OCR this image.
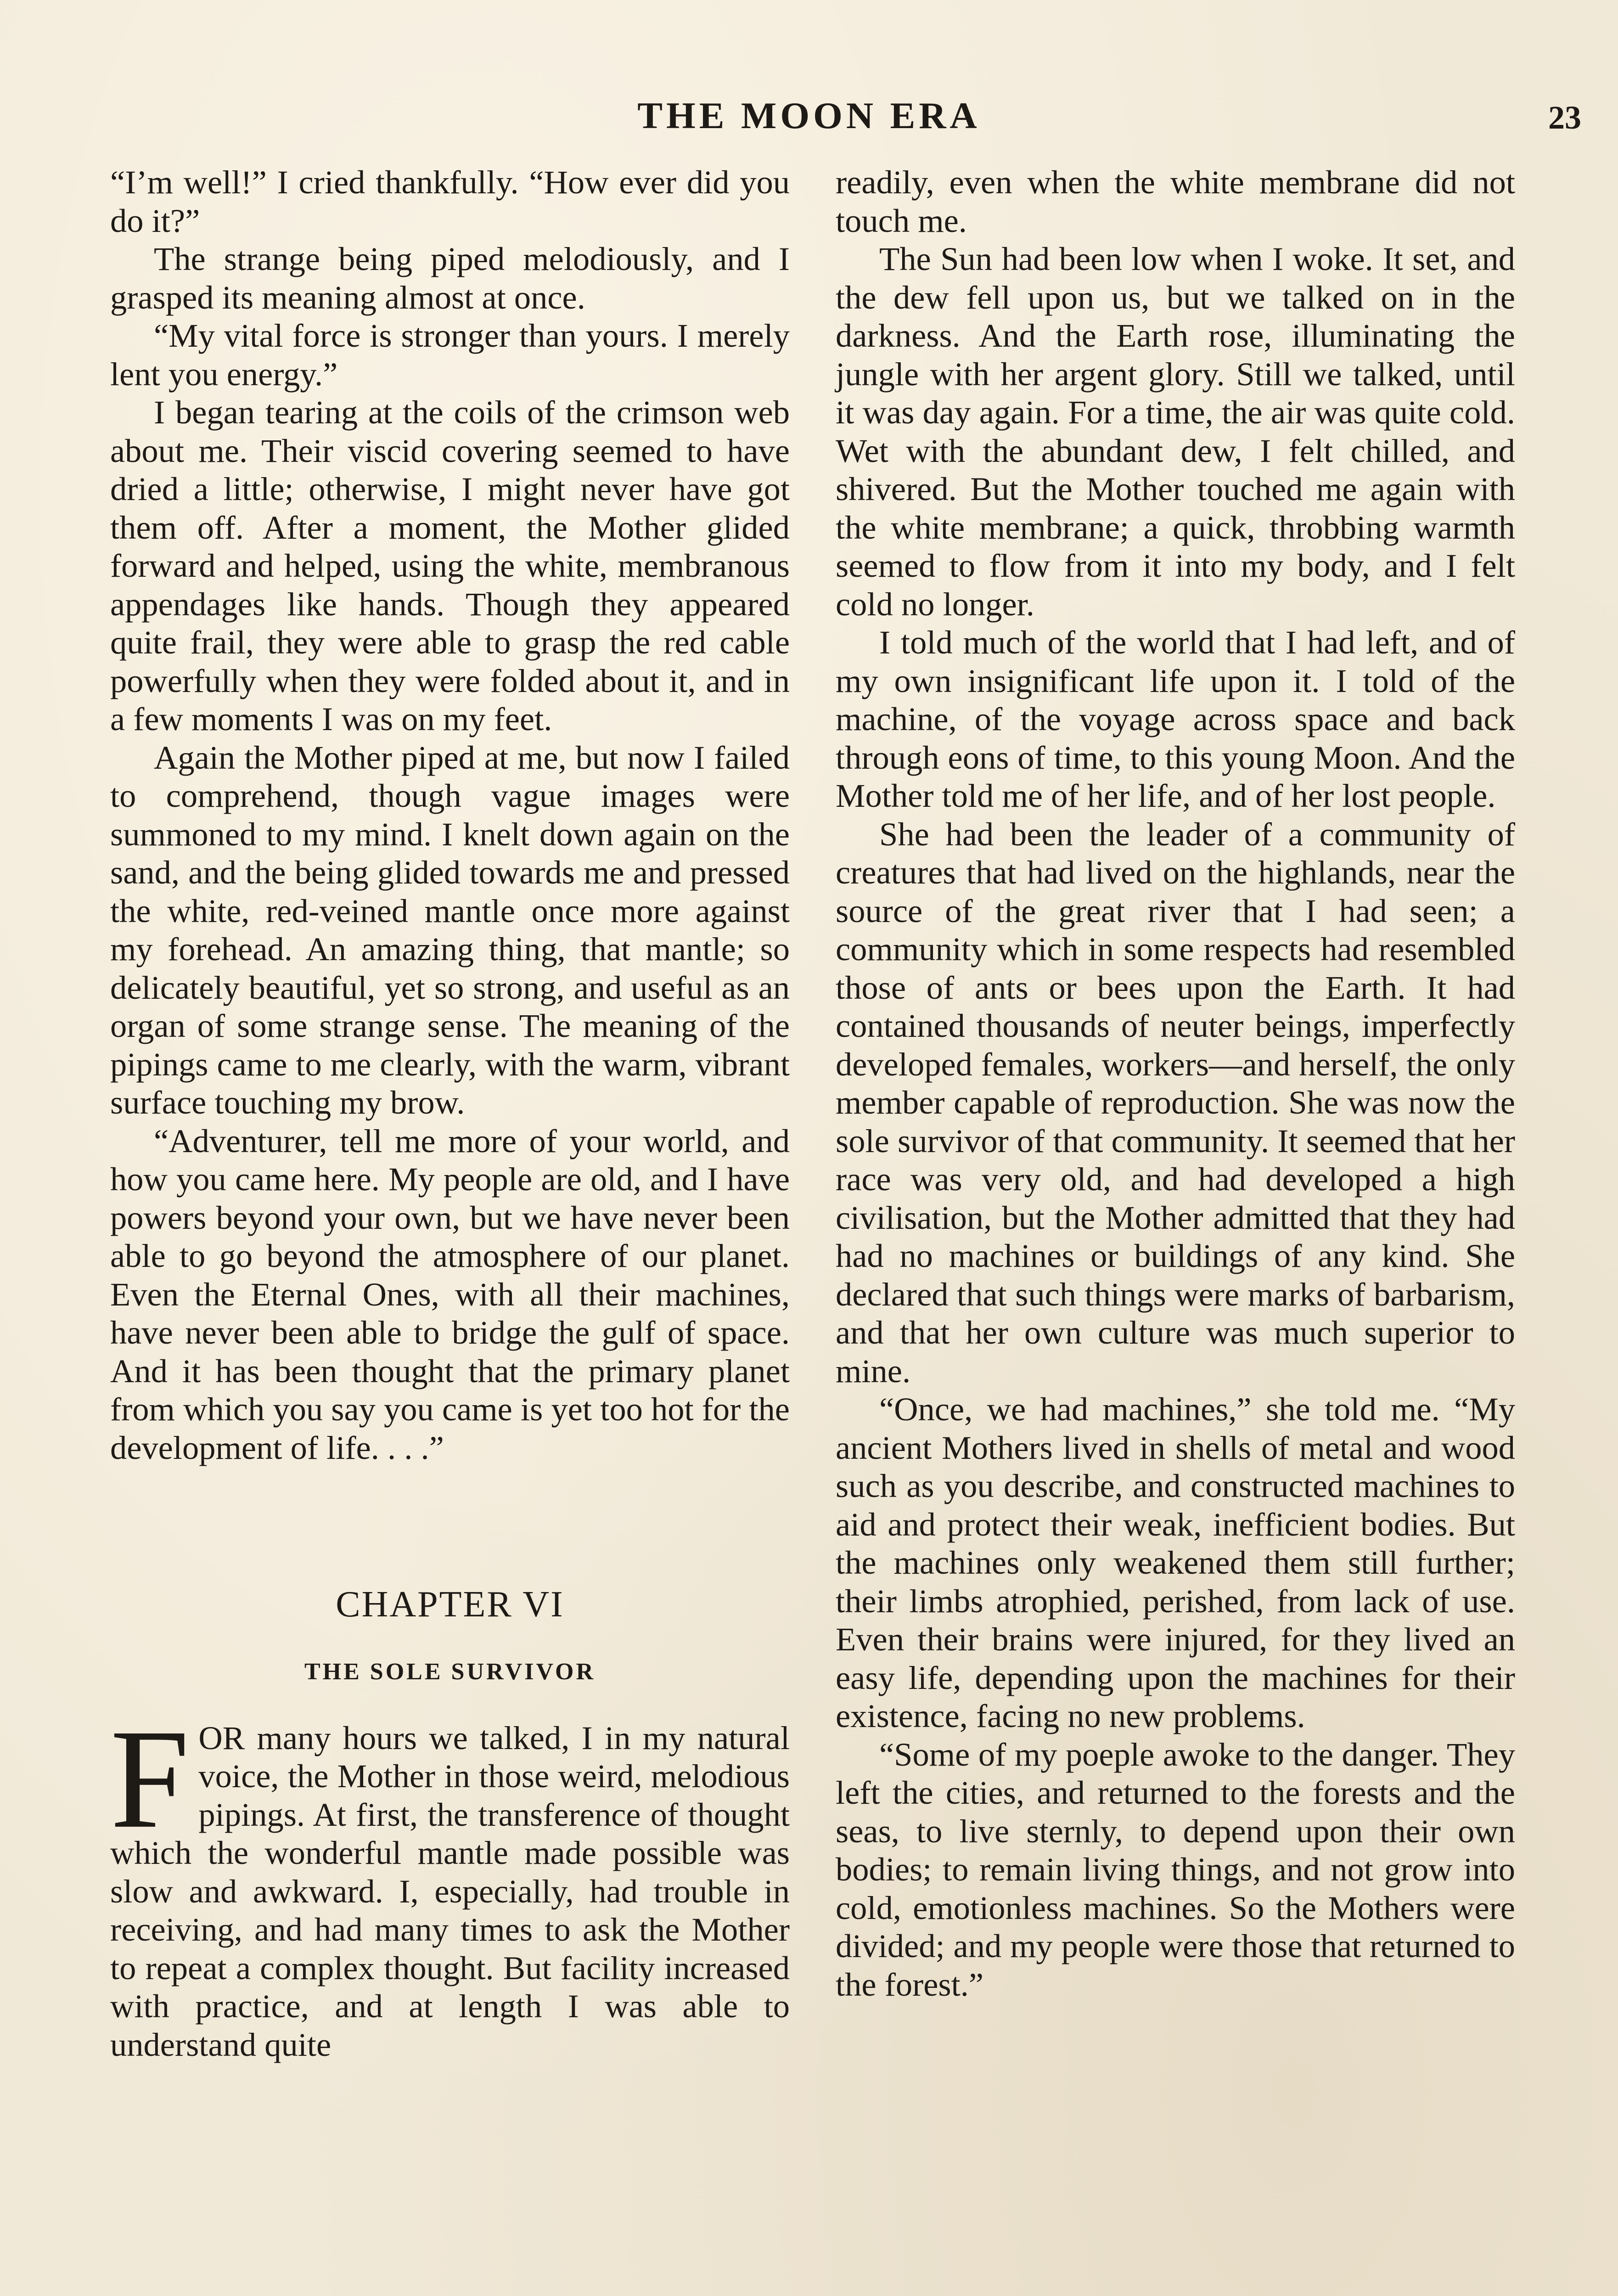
THE MOON ERA	23

“I’m well!” I cried thankfully. “How ever did you do it?”

The strange being piped melodiously, and I grasped its meaning almost at once.

“My vital force is stronger than yours. I merely lent you energy.”

I began tearing at the coils of the crimson web about me. Their viscid covering seemed to have dried a little; otherwise, I might never have got them off. After a moment, the Mother glided forward and helped, using the white, membranous appendages like hands. Though they appeared quite frail, they were able to grasp the red cable powerfully when they were folded about it, and in a few moments I was on my feet.

Again the Mother piped at me, but now I failed to comprehend, though vague images were summoned to my mind. I knelt down again on the sand, and the being glided towards me and pressed the white, red-veined mantle once more against my forehead. An amazing thing, that mantle; so delicately beautiful, yet so strong, and useful as an organ of some strange sense. The meaning of the pipings came to me clearly, with the warm, vibrant surface touching my brow.

“Adventurer, tell me more of your world, and how you came here. My people are old, and I have powers beyond your own, but we have never been able to go beyond the atmosphere of our planet. Even the Eternal Ones, with all their machines, have never been able to bridge the gulf of space. And it has been thought that the primary planet from which you say you came is yet too hot for the development of life. . . .”

CHAPTER VI
THE SOLE SURVIVOR

FOR many hours we talked, I in my natural voice, the Mother in those weird, melodious pipings. At first, the transference of thought which the wonderful mantle made possible was slow and awkward. I, especially, had trouble in receiving, and had many times to ask the Mother to repeat a complex thought. But facility increased with practice, and at length I was able to understand quite

readily, even when the white membrane did not touch me.

The Sun had been low when I woke. It set, and the dew fell upon us, but we talked on in the darkness. And the Earth rose, illuminating the jungle with her argent glory. Still we talked, until it was day again. For a time, the air was quite cold. Wet with the abundant dew, I felt chilled, and shivered. But the Mother touched me again with the white membrane; a quick, throbbing warmth seemed to flow from it into my body, and I felt cold no longer.

I told much of the world that I had left, and of my own insignificant life upon it. I told of the machine, of the voyage across space and back through eons of time, to this young Moon. And the Mother told me of her life, and of her lost people.

She had been the leader of a community of creatures that had lived on the highlands, near the source of the great river that I had seen; a community which in some respects had resembled those of ants or bees upon the Earth. It had contained thousands of neuter beings, imperfectly developed females, workers—and herself, the only member capable of reproduction. She was now the sole survivor of that community. It seemed that her race was very old, and had developed a high civilisation, but the Mother admitted that they had had no machines or buildings of any kind. She declared that such things were marks of barbarism, and that her own culture was much superior to mine.

“Once, we had machines,” she told me. “My ancient Mothers lived in shells of metal and wood such as you describe, and constructed machines to aid and protect their weak, inefficient bodies. But the machines only weakened them still further; their limbs atrophied, perished, from lack of use. Even their brains were injured, for they lived an easy life, depending upon the machines for their existence, facing no new problems.

“Some of my poeple awoke to the danger. They left the cities, and returned to the forests and the seas, to live sternly, to depend upon their own bodies; to remain living things, and not grow into cold, emotionless machines. So the Mothers were divided; and my people were those that returned to the forest.”
